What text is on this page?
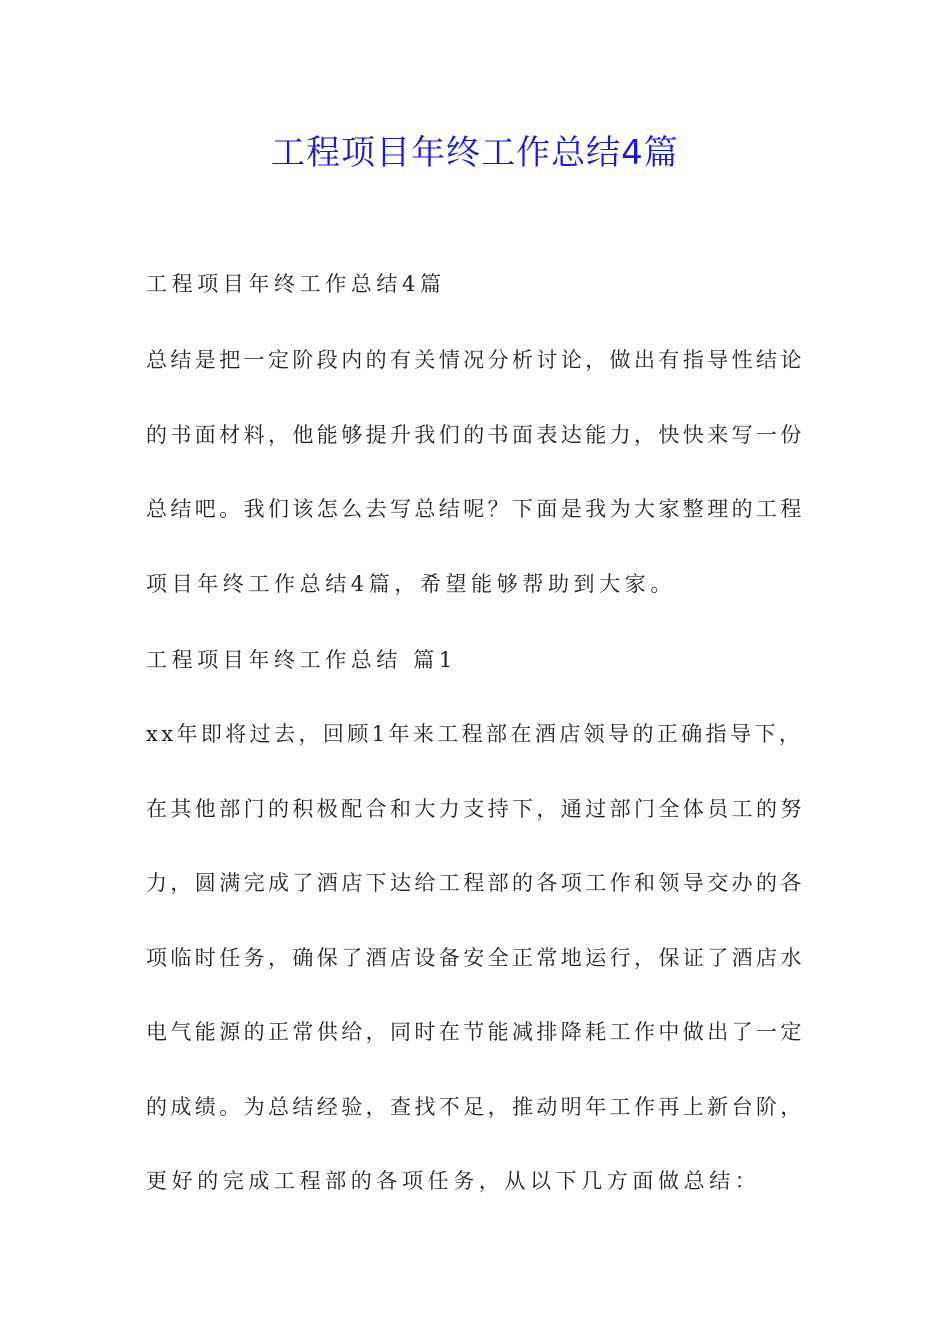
工程项目年终工作总结4篇

工程项目年终工作总结4篇

总结是把一定阶段内的有关情况分析讨论，做出有指导性结论

的书面材料，他能够提升我们的书面表达能力，快快来写一份

总结吧。我们该怎么去写总结呢？下面是我为大家整理的工程

项目年终工作总结4篇，希望能够帮助到大家。

工程项目年终工作总结 篇1

xx年即将过去，回顾1年来工程部在酒店领导的正确指导下，

在其他部门的积极配合和大力支持下，通过部门全体员工的努

力，圆满完成了酒店下达给工程部的各项工作和领导交办的各

项临时任务，确保了酒店设备安全正常地运行，保证了酒店水

电气能源的正常供给，同时在节能减排降耗工作中做出了一定

的成绩。为总结经验，查找不足，推动明年工作再上新台阶，

更好的完成工程部的各项任务，从以下几方面做总结：
